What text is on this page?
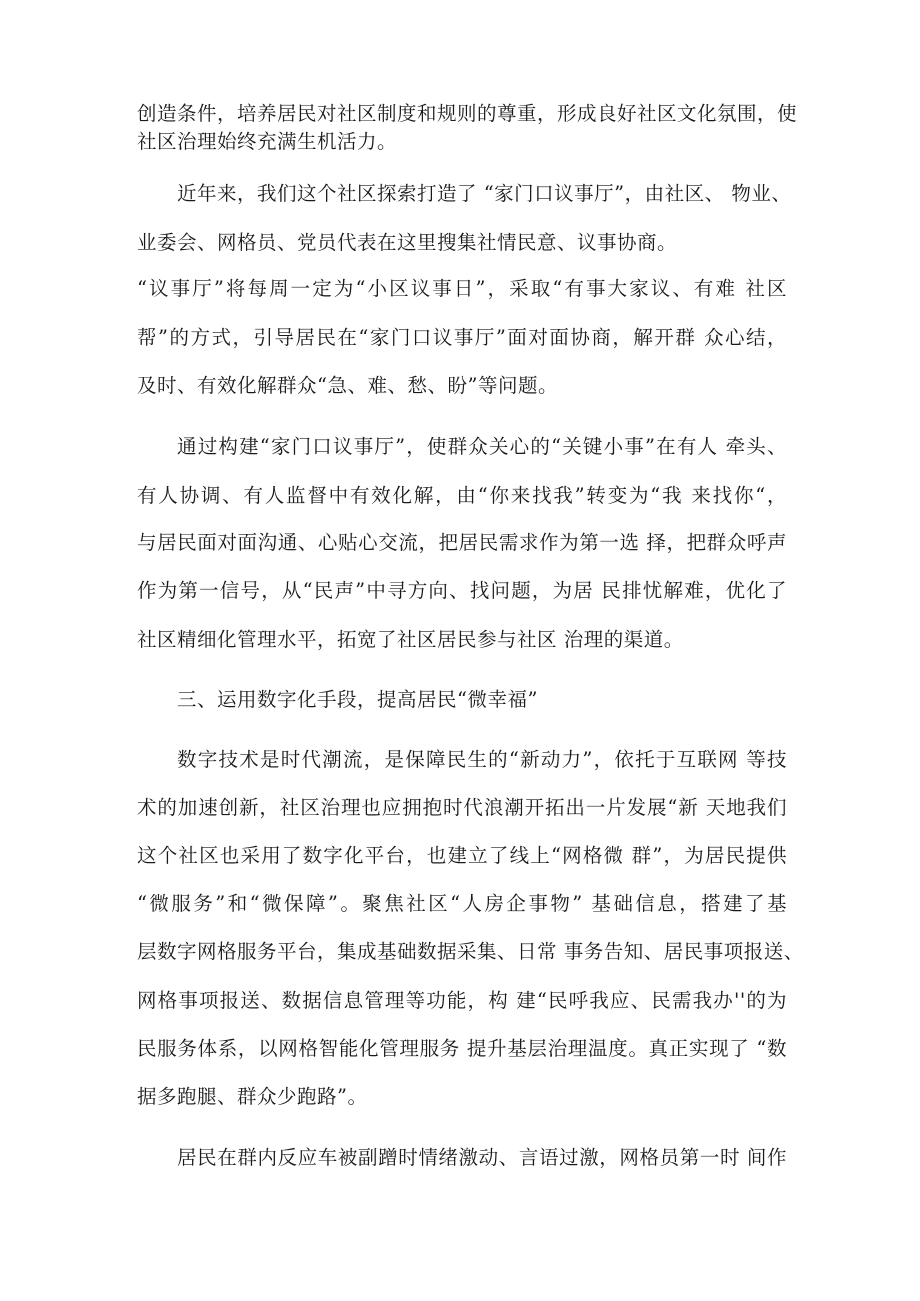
创造条件，培养居民对社区制度和规则的尊重，形成良好社区文化氛围，使
社区治理始终充满生机活力。
近年来，我们这个社区探索打造了 “家门口议事厅”，由社区、 物业、
业委会、网格员、党员代表在这里搜集社情民意、议事协商。
“议事厅”将每周一定为“小区议事日”，采取“有事大家议、有难 社区
帮”的方式，引导居民在“家门口议事厅”面对面协商，解开群 众心结，
及时、有效化解群众“急、难、愁、盼”等问题。
通过构建“家门口议事厅”，使群众关心的“关键小事”在有人 牵头、
有人协调、有人监督中有效化解，由“你来找我”转变为“我 来找你“，
与居民面对面沟通、心贴心交流，把居民需求作为第一选 择，把群众呼声
作为第一信号，从“民声”中寻方向、找问题，为居 民排忧解难，优化了
社区精细化管理水平，拓宽了社区居民参与社区 治理的渠道。
三、运用数字化手段，提高居民“微幸福”
数字技术是时代潮流，是保障民生的“新动力”，依托于互联网 等技
术的加速创新，社区治理也应拥抱时代浪潮开拓出一片发展“新 天地我们
这个社区也采用了数字化平台，也建立了线上“网格微 群”，为居民提供
“微服务”和“微保障”。聚焦社区“人房企事物” 基础信息，搭建了基
层数字网格服务平台，集成基础数据采集、日常 事务告知、居民事项报送、
网格事项报送、数据信息管理等功能，构 建“民呼我应、民需我办''的为
民服务体系，以网格智能化管理服务 提升基层治理温度。真正实现了 “数
据多跑腿、群众少跑路”。
居民在群内反应车被副蹭时情绪激动、言语过激，网格员第一时 间作
